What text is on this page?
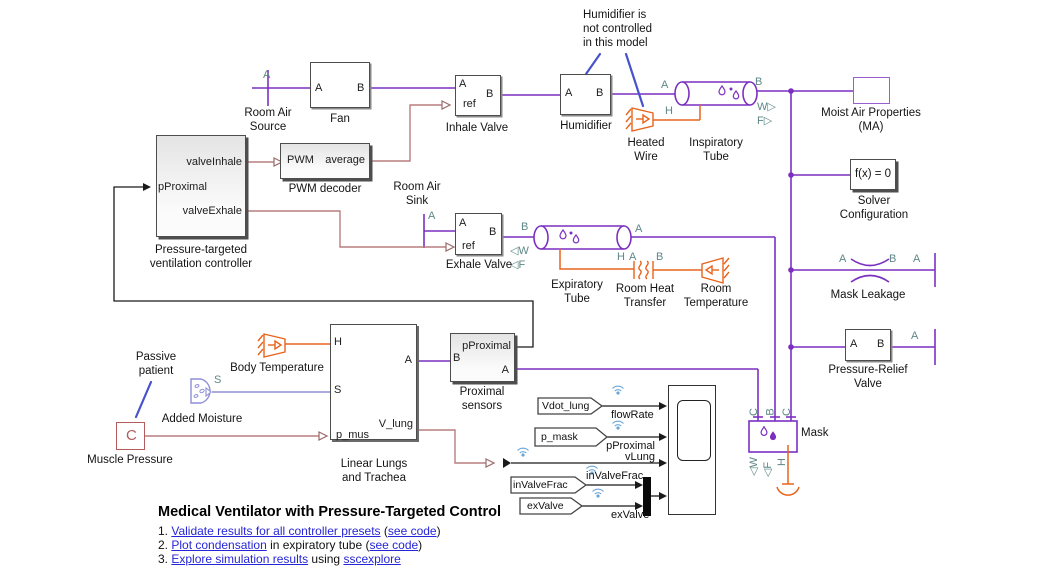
A
A
A	B
W▷
F▷
H
B
◁W
◁F
A
H A B	A	B A
A
S
C B C
◁W ◁F H
A	B	A
ref
B	A B
PWM	average
valveInhale
pProximal
valveExhale
A
ref
B
H
S
p_mus
A
V_lung
pProximal
B
A
A B
f(x) = 0
C
Room Air
Source
Fan
Inhale Valve	Humidifier
Heated
Wire
Inspiratory
Tube
Moist Air Properties
(MA)
Solver
Configuration
PWM decoder
Pressure-targeted
ventilation controller
Room Air
Sink
Exhale Valve
Expiratory
Tube
Room Heat
Transfer
Room
Temperature
Mask Leakage
Pressure-Relief
Valve
Passive
patient
Muscle Pressure
Added Moisture
Body Temperature
Linear Lungs
and Trachea
Proximal
sensors
Mask
Humidifier is
not controlled
in this model
flowRate
pProximal
vLung
inValveFrac
exValve
Vdot_lung
p_mask
inValveFrac
exValve
Medical Ventilator with Pressure-Targeted Control
1. Validate results for all controller presets (see code)
2. Plot condensation in expiratory tube (see code)
3. Explore simulation results using sscexplore
